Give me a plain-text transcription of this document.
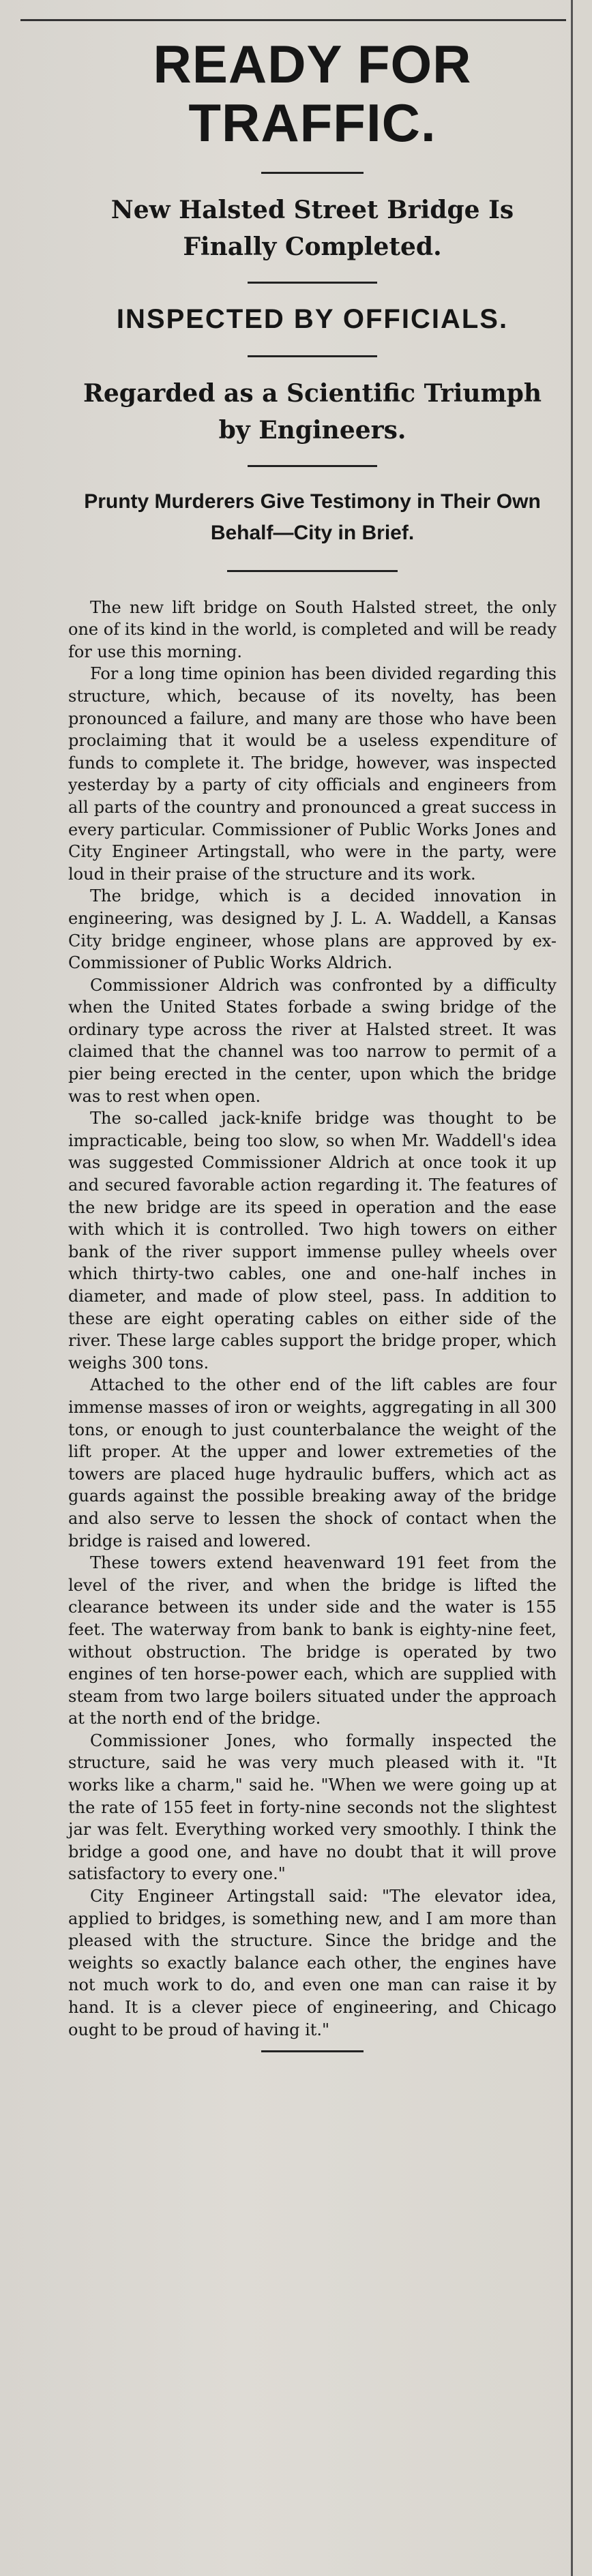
READY FOR TRAFFIC.
New Halsted Street Bridge Is Finally Completed.
INSPECTED BY OFFICIALS.
Regarded as a Scientific Triumph by Engineers.
Prunty Murderers Give Testimony in Their Own Behalf—City in Brief.

The new lift bridge on South Halsted street, the only one of its kind in the world, is completed and will be ready for use this morning.

For a long time opinion has been divided regarding this structure, which, because of its novelty, has been pronounced a failure, and many are those who have been proclaiming that it would be a useless expenditure of funds to complete it. The bridge, however, was inspected yesterday by a party of city officials and engineers from all parts of the country and pronounced a great success in every particular. Commissioner of Public Works Jones and City Engineer Artingstall, who were in the party, were loud in their praise of the structure and its work.

The bridge, which is a decided innovation in engineering, was designed by J. L. A. Waddell, a Kansas City bridge engineer, whose plans are approved by ex-Commissioner of Public Works Aldrich.

Commissioner Aldrich was confronted by a difficulty when the United States forbade a swing bridge of the ordinary type across the river at Halsted street. It was claimed that the channel was too narrow to permit of a pier being erected in the center, upon which the bridge was to rest when open.

The so-called jack-knife bridge was thought to be impracticable, being too slow, so when Mr. Waddell's idea was suggested Commissioner Aldrich at once took it up and secured favorable action regarding it. The features of the new bridge are its speed in operation and the ease with which it is controlled. Two high towers on either bank of the river support immense pulley wheels over which thirty-two cables, one and one-half inches in diameter, and made of plow steel, pass. In addition to these are eight operating cables on either side of the river. These large cables support the bridge proper, which weighs 300 tons.

Attached to the other end of the lift cables are four immense masses of iron or weights, aggregating in all 300 tons, or enough to just counterbalance the weight of the lift proper. At the upper and lower extremeties of the towers are placed huge hydraulic buffers, which act as guards against the possible breaking away of the bridge and also serve to lessen the shock of contact when the bridge is raised and lowered.

These towers extend heavenward 191 feet from the level of the river, and when the bridge is lifted the clearance between its under side and the water is 155 feet. The waterway from bank to bank is eighty-nine feet, without obstruction. The bridge is operated by two engines of ten horse-power each, which are supplied with steam from two large boilers situated under the approach at the north end of the bridge.

Commissioner Jones, who formally inspected the structure, said he was very much pleased with it. "It works like a charm," said he. "When we were going up at the rate of 155 feet in forty-nine seconds not the slightest jar was felt. Everything worked very smoothly. I think the bridge a good one, and have no doubt that it will prove satisfactory to every one."

City Engineer Artingstall said: "The elevator idea, applied to bridges, is something new, and I am more than pleased with the structure. Since the bridge and the weights so exactly balance each other, the engines have not much work to do, and even one man can raise it by hand. It is a clever piece of engineering, and Chicago ought to be proud of having it."
